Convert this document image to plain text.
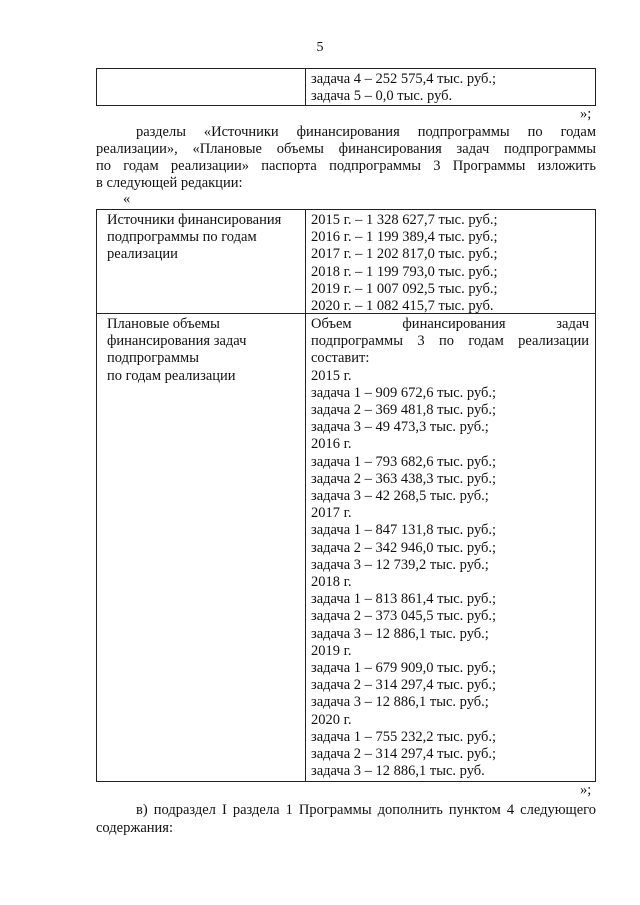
5
задача 4 – 252 575,4 тыс. руб.;
задача 5 – 0,0 тыс. руб.
»;
разделы «Источники финансирования подпрограммы по годам
реализации», «Плановые объемы финансирования задач подпрограммы
по годам реализации» паспорта подпрограммы 3 Программы изложить
в следующей редакции:
«
Источники финансирования
подпрограммы по годам
реализации
2015 г. – 1 328 627,7 тыс. руб.;
2016 г. – 1 199 389,4 тыс. руб.;
2017 г. – 1 202 817,0 тыс. руб.;
2018 г. – 1 199 793,0 тыс. руб.;
2019 г. – 1 007 092,5 тыс. руб.;
2020 г. – 1 082 415,7 тыс. руб.
Плановые объемы
финансирования задач
подпрограммы
по годам реализации
Объем финансирования задач
подпрограммы 3 по годам реализации
составит:
2015 г.
задача 1 – 909 672,6 тыс. руб.;
задача 2 – 369 481,8 тыс. руб.;
задача 3 – 49 473,3 тыс. руб.;
2016 г.
задача 1 – 793 682,6 тыс. руб.;
задача 2 – 363 438,3 тыс. руб.;
задача 3 – 42 268,5 тыс. руб.;
2017 г.
задача 1 – 847 131,8 тыс. руб.;
задача 2 – 342 946,0 тыс. руб.;
задача 3 – 12 739,2 тыс. руб.;
2018 г.
задача 1 – 813 861,4 тыс. руб.;
задача 2 – 373 045,5 тыс. руб.;
задача 3 – 12 886,1 тыс. руб.;
2019 г.
задача 1 – 679 909,0 тыс. руб.;
задача 2 – 314 297,4 тыс. руб.;
задача 3 – 12 886,1 тыс. руб.;
2020 г.
задача 1 – 755 232,2 тыс. руб.;
задача 2 – 314 297,4 тыс. руб.;
задача 3 – 12 886,1 тыс. руб.
»;
в) подраздел I раздела 1 Программы дополнить пунктом 4 следующего
содержания:
